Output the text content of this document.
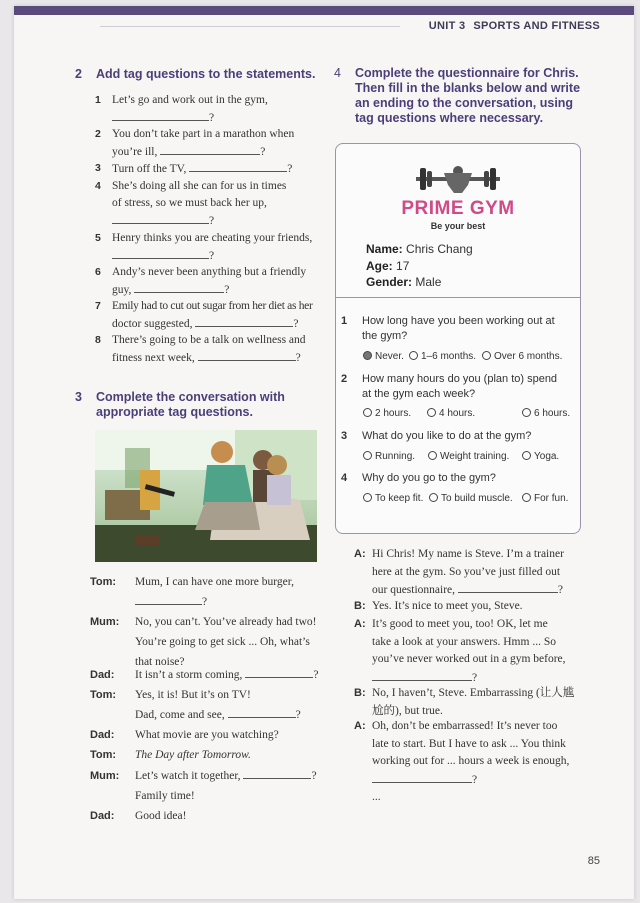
UNIT 3 SPORTS AND FITNESS
2 Add tag questions to the statements.
1 Let’s go and work out in the gym,
?
2 You don’t take part in a marathon when
you’re ill,	?
3 Turn off the TV,	?
4 She’s doing all she can for us in times
of stress, so we must back her up,
?
5 Henry thinks you are cheating your friends,
?
6 Andy’s never been anything but a friendly
guy,	?
7 Emily had to cut out sugar from her diet as her
doctor suggested,	?
8 There’s going to be a talk on wellness and
fitness next week,	?
3 Complete the conversation with
appropriate tag questions.
Tom: Mum, I can have one more burger,
?
Mum: No, you can’t. You’ve already had two!
You’re going to get sick ... Oh, what’s
that noise?
Dad: It isn’t a storm coming,	?
Tom: Yes, it is! But it’s on TV!
Dad, come and see,	?
Dad: What movie are you watching?
Tom: The Day after Tomorrow.
Mum: Let’s watch it together,	?
Family time!
Dad: Good idea!
4 Complete the questionnaire for Chris.
Then fill in the blanks below and write
an ending to the conversation, using
tag questions where necessary.
PRIME GYM
Be your best
Name: Chris Chang
Age: 17
Gender: Male
1 How long have you been working out at
the gym?
Never.	1–6 months.	Over 6 months.
2 How many hours do you (plan to) spend
at the gym each week?
2 hours.	4 hours.	6 hours.
3 What do you like to do at the gym?
Running.	Weight training.	Yoga.
4 Why do you go to the gym?
To keep fit.	To build muscle.	For fun.
A: Hi Chris! My name is Steve. I’m a trainer
here at the gym. So you’ve just filled out
our questionnaire,	?
B: Yes. It’s nice to meet you, Steve.
A: It’s good to meet you, too! OK, let me
take a look at your answers. Hmm ... So
you’ve never worked out in a gym before,
?
B: No, I haven’t, Steve. Embarrassing (让人尴
尬的), but true.
A: Oh, don’t be embarrassed! It’s never too
late to start. But I have to ask ... You think
working out for ... hours a week is enough,
?
...
85
